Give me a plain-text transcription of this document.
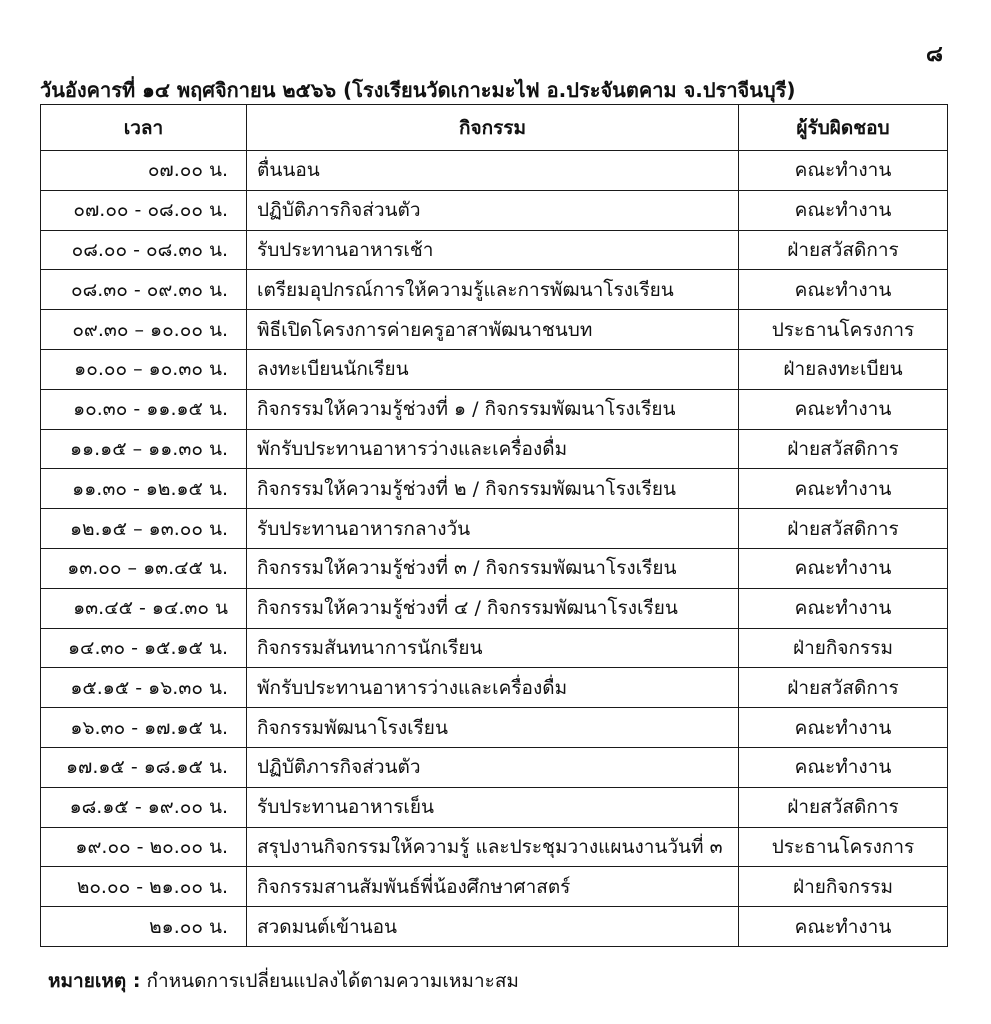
๘
วันอังคารที่ ๑๔ พฤศจิกายน ๒๕๖๖ (โรงเรียนวัดเกาะมะไฟ อ.ประจันตคาม จ.ปราจีนบุรี)
เวลา	กิจกรรม	ผู้รับผิดชอบ
๐๗.๐๐ น.	ตื่นนอน	คณะทำงาน
๐๗.๐๐ - ๐๘.๐๐ น.	ปฏิบัติภารกิจส่วนตัว	คณะทำงาน
๐๘.๐๐ - ๐๘.๓๐ น.	รับประทานอาหารเช้า	ฝ่ายสวัสดิการ
๐๘.๓๐ - ๐๙.๓๐ น.	เตรียมอุปกรณ์การให้ความรู้และการพัฒนาโรงเรียน	คณะทำงาน
๐๙.๓๐ – ๑๐.๐๐ น.	พิธีเปิดโครงการค่ายครูอาสาพัฒนาชนบท	ประธานโครงการ
๑๐.๐๐ – ๑๐.๓๐ น.	ลงทะเบียนนักเรียน	ฝ่ายลงทะเบียน
๑๐.๓๐ - ๑๑.๑๕ น.	กิจกรรมให้ความรู้ช่วงที่ ๑ / กิจกรรมพัฒนาโรงเรียน	คณะทำงาน
๑๑.๑๕ – ๑๑.๓๐ น.	พักรับประทานอาหารว่างและเครื่องดื่ม	ฝ่ายสวัสดิการ
๑๑.๓๐ - ๑๒.๑๕ น.	กิจกรรมให้ความรู้ช่วงที่ ๒ / กิจกรรมพัฒนาโรงเรียน	คณะทำงาน
๑๒.๑๕ – ๑๓.๐๐ น.	รับประทานอาหารกลางวัน	ฝ่ายสวัสดิการ
๑๓.๐๐ – ๑๓.๔๕ น.	กิจกรรมให้ความรู้ช่วงที่ ๓ / กิจกรรมพัฒนาโรงเรียน	คณะทำงาน
๑๓.๔๕ - ๑๔.๓๐ น	กิจกรรมให้ความรู้ช่วงที่ ๔ / กิจกรรมพัฒนาโรงเรียน	คณะทำงาน
๑๔.๓๐ - ๑๕.๑๕ น.	กิจกรรมสันทนาการนักเรียน	ฝ่ายกิจกรรม
๑๕.๑๕ - ๑๖.๓๐ น.	พักรับประทานอาหารว่างและเครื่องดื่ม	ฝ่ายสวัสดิการ
๑๖.๓๐ - ๑๗.๑๕ น.	กิจกรรมพัฒนาโรงเรียน	คณะทำงาน
๑๗.๑๕ - ๑๘.๑๕ น.	ปฏิบัติภารกิจส่วนตัว	คณะทำงาน
๑๘.๑๕ - ๑๙.๐๐ น.	รับประทานอาหารเย็น	ฝ่ายสวัสดิการ
๑๙.๐๐ - ๒๐.๐๐ น.	สรุปงานกิจกรรมให้ความรู้ และประชุมวางแผนงานวันที่ ๓	ประธานโครงการ
๒๐.๐๐ - ๒๑.๐๐ น.	กิจกรรมสานสัมพันธ์พี่น้องศึกษาศาสตร์	ฝ่ายกิจกรรม
๒๑.๐๐ น.	สวดมนต์เข้านอน	คณะทำงาน
หมายเหตุ : กำหนดการเปลี่ยนแปลงได้ตามความเหมาะสม
